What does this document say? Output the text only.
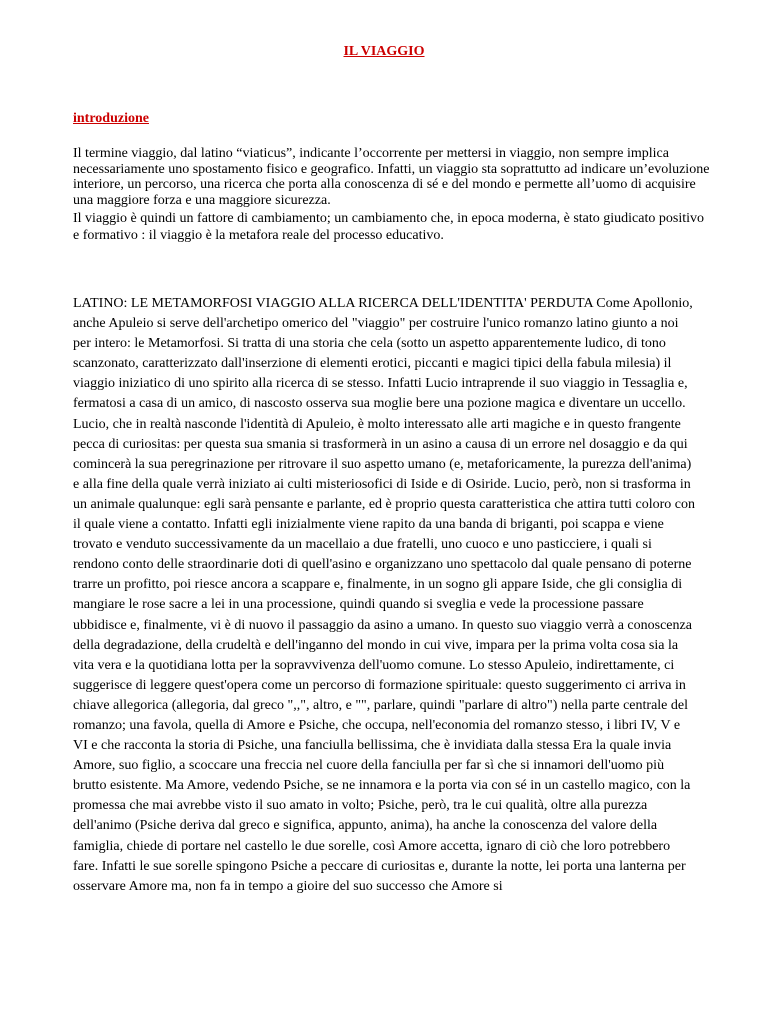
IL VIAGGIO
introduzione

Il termine viaggio, dal latino “viaticus”, indicante l’occorrente per mettersi in viaggio, non sempre implica necessariamente uno spostamento fisico e geografico. Infatti, un viaggio sta soprattutto ad indicare un’evoluzione interiore, un percorso, una ricerca che porta alla conoscenza di sé e del mondo e permette all’uomo di acquisire una maggiore forza e una maggiore sicurezza.

Il viaggio è quindi un fattore di cambiamento; un cambiamento che, in epoca moderna, è stato giudicato positivo e formativo : il viaggio è la metafora reale del processo educativo.

LATINO: LE METAMORFOSI VIAGGIO ALLA RICERCA DELL'IDENTITA' PERDUTA Come Apollonio, anche Apuleio si serve dell'archetipo omerico del "viaggio" per costruire l'unico romanzo latino giunto a noi per intero: le Metamorfosi. Si tratta di una storia che cela (sotto un aspetto apparentemente ludico, di tono scanzonato, caratterizzato dall'inserzione di elementi erotici, piccanti e magici tipici della fabula milesia) il viaggio iniziatico di uno spirito alla ricerca di se stesso. Infatti Lucio intraprende il suo viaggio in Tessaglia e, fermatosi a casa di un amico, di nascosto osserva sua moglie bere una pozione magica e diventare un uccello. Lucio, che in realtà nasconde l'identità di Apuleio, è molto interessato alle arti magiche e in questo frangente pecca di curiositas: per questa sua smania si trasformerà in un asino a causa di un errore nel dosaggio e da qui comincerà la sua peregrinazione per ritrovare il suo aspetto umano (e, metaforicamente, la purezza dell'anima) e alla fine della quale verrà iniziato ai culti misteriosofici di Iside e di Osiride. Lucio, però, non si trasforma in un animale qualunque: egli sarà pensante e parlante, ed è proprio questa caratteristica che attira tutti coloro con il quale viene a contatto. Infatti egli inizialmente viene rapito da una banda di briganti, poi scappa e viene trovato e venduto successivamente da un macellaio a due fratelli, uno cuoco e uno pasticciere, i quali si rendono conto delle straordinarie doti di quell'asino e organizzano uno spettacolo dal quale pensano di poterne trarre un profitto, poi riesce ancora a scappare e, finalmente, in un sogno gli appare Iside, che gli consiglia di mangiare le rose sacre a lei in una processione, quindi quando si sveglia e vede la processione passare ubbidisce e, finalmente, vi è di nuovo il passaggio da asino a umano. In questo suo viaggio verrà a conoscenza della degradazione, della crudeltà e dell'inganno del mondo in cui vive, impara per la prima volta cosa sia la vita vera e la quotidiana lotta per la sopravvivenza dell'uomo comune. Lo stesso Apuleio, indirettamente, ci suggerisce di leggere quest'opera come un percorso di formazione spirituale: questo suggerimento ci arriva in chiave allegorica (allegoria, dal greco ",,", altro, e "", parlare, quindi "parlare di altro") nella parte centrale del romanzo; una favola, quella di Amore e Psiche, che occupa, nell'economia del romanzo stesso, i libri IV, V e VI e che racconta la storia di Psiche, una fanciulla bellissima, che è invidiata dalla stessa Era la quale invia Amore, suo figlio, a scoccare una freccia nel cuore della fanciulla per far sì che si innamori dell'uomo più brutto esistente. Ma Amore, vedendo Psiche, se ne innamora e la porta via con sé in un castello magico, con la promessa che mai avrebbe visto il suo amato in volto; Psiche, però, tra le cui qualità, oltre alla purezza dell'animo (Psiche deriva dal greco e significa, appunto, anima), ha anche la conoscenza del valore della famiglia, chiede di portare nel castello le due sorelle, così Amore accetta, ignaro di ciò che loro potrebbero fare. Infatti le sue sorelle spingono Psiche a peccare di curiositas e, durante la notte, lei porta una lanterna per osservare Amore ma, non fa in tempo a gioire del suo successo che Amore si
